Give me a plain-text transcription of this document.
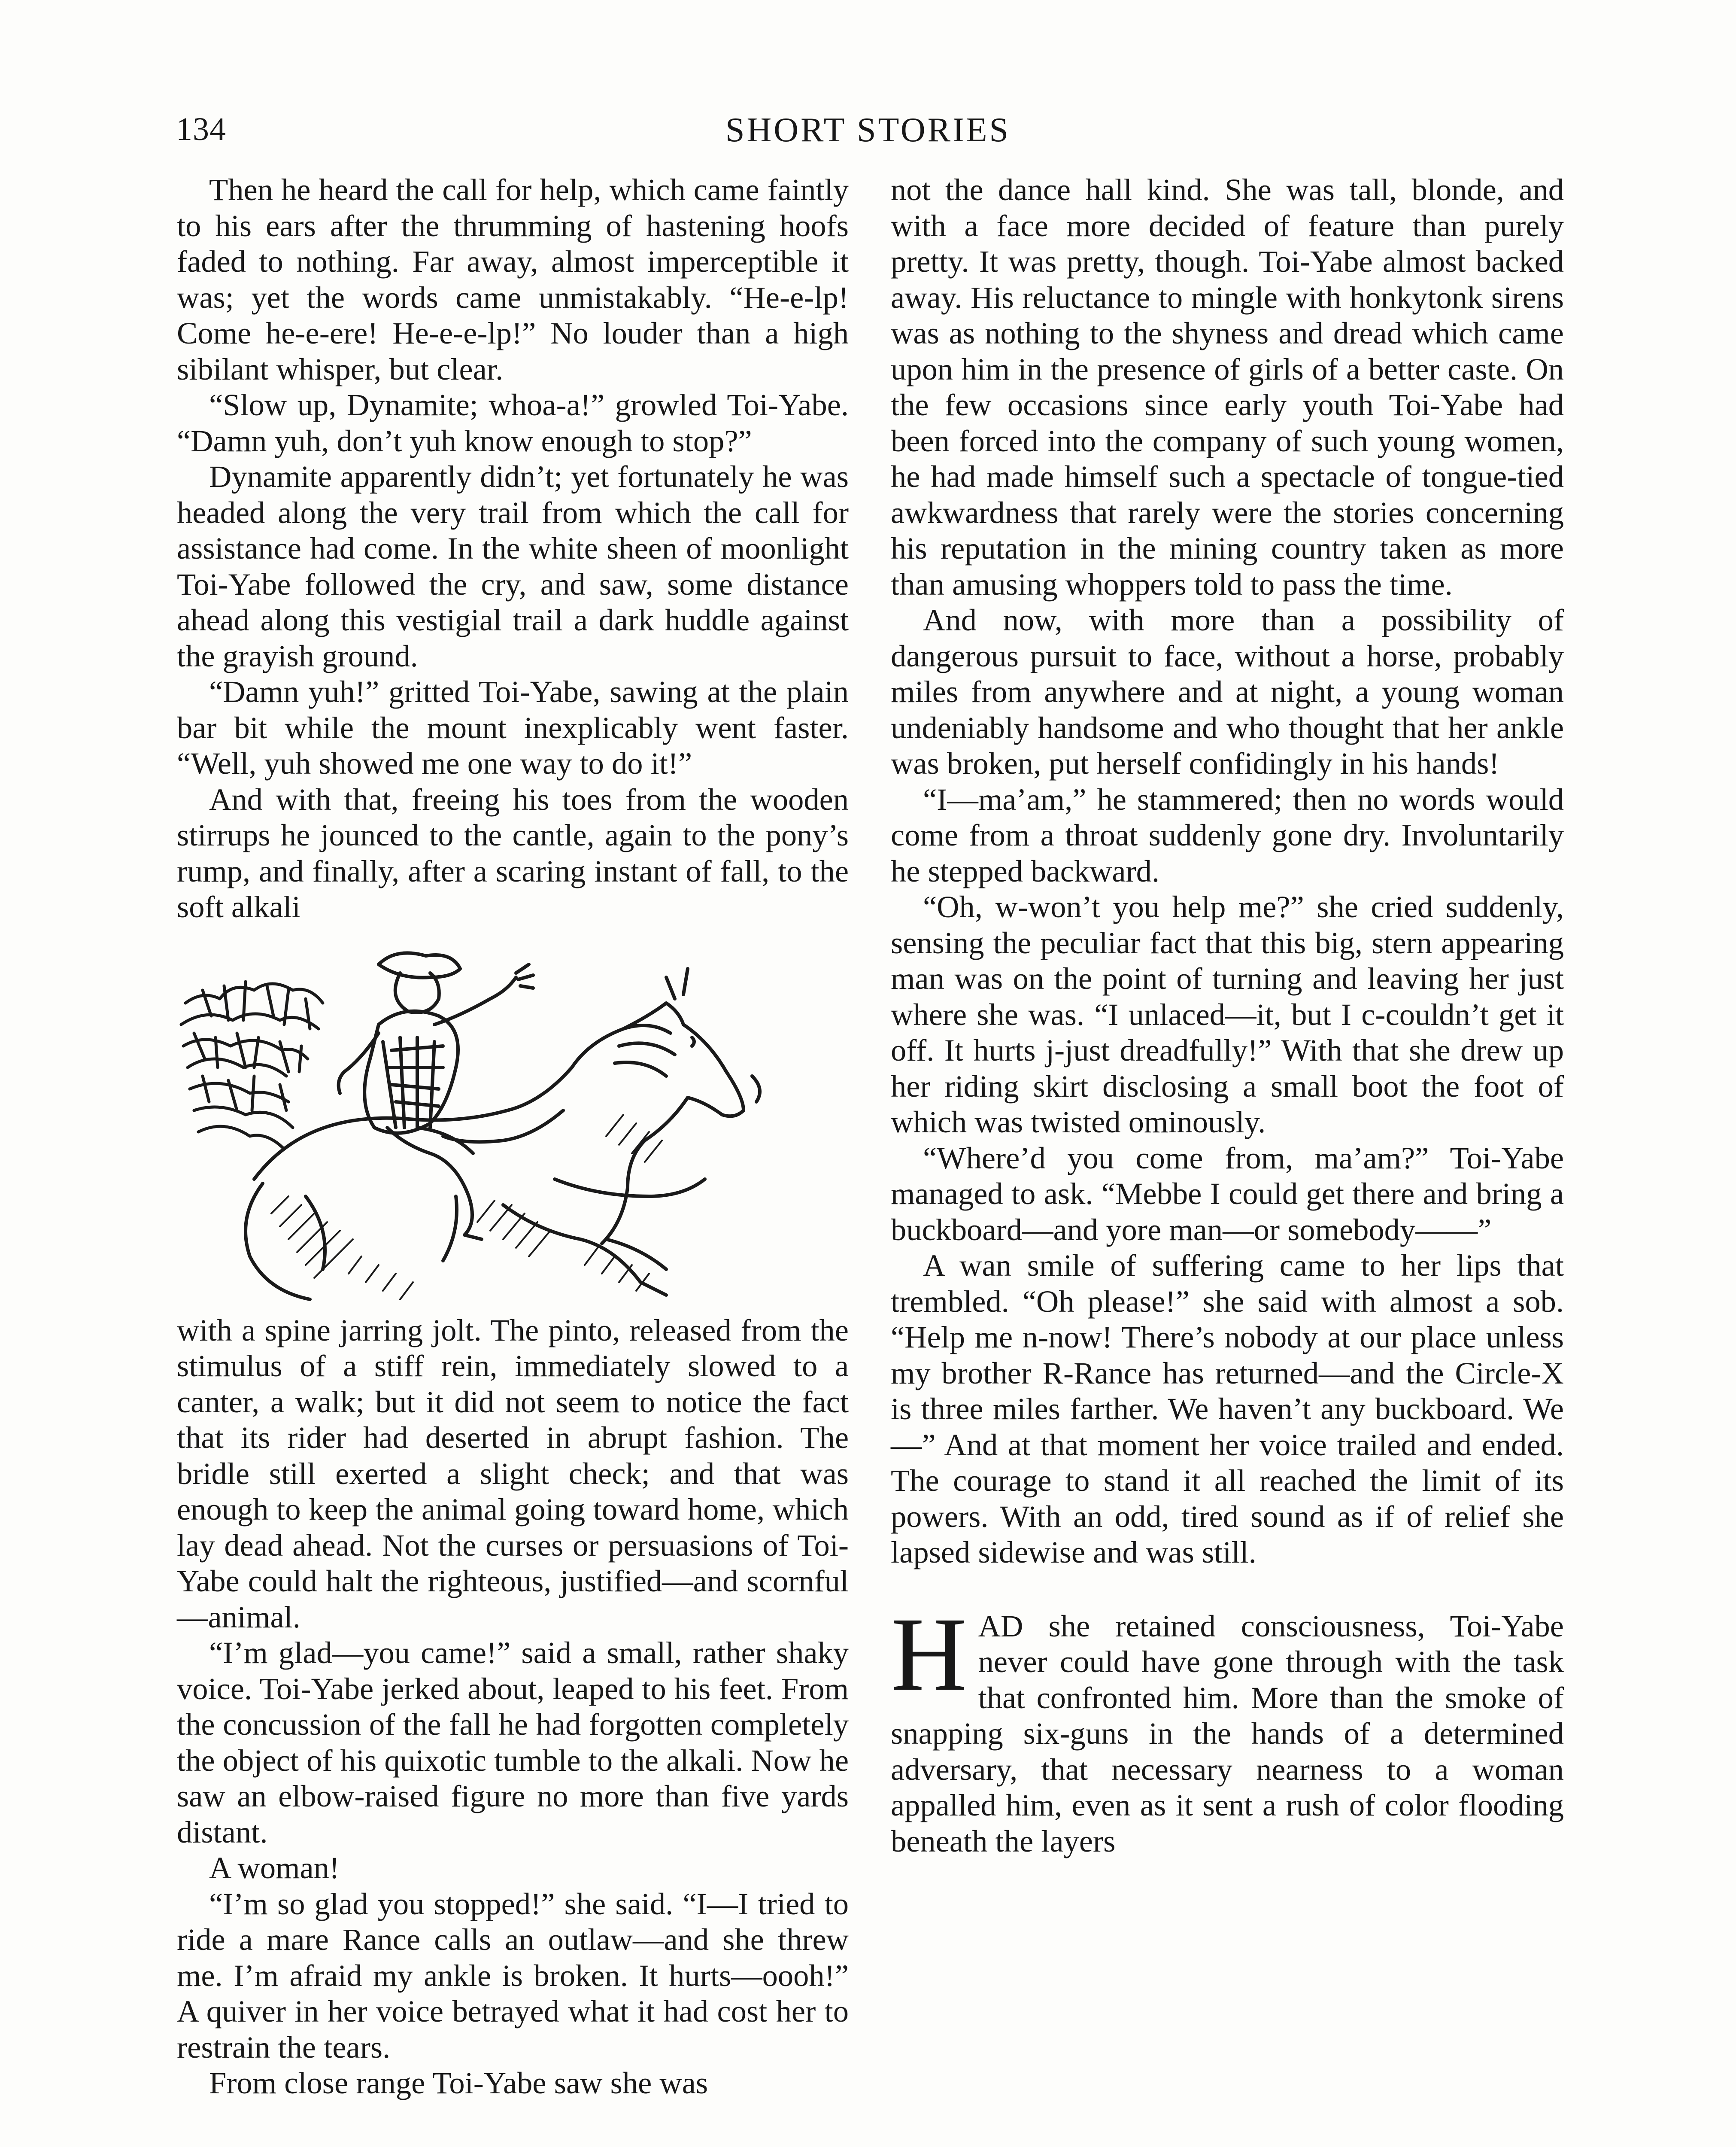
134	SHORT STORIES

Then he heard the call for help, which came faintly to his ears after the thrumming of hastening hoofs faded to nothing. Far away, almost imperceptible it was; yet the words came unmistakably. “He-e-lp! Come he-e-ere! He-e-e-lp!” No louder than a high sibilant whisper, but clear.

“Slow up, Dynamite; whoa-a!” growled Toi-Yabe. “Damn yuh, don’t yuh know enough to stop?”

Dynamite apparently didn’t; yet fortunately he was headed along the very trail from which the call for assistance had come. In the white sheen of moonlight Toi-Yabe followed the cry, and saw, some distance ahead along this vestigial trail a dark huddle against the grayish ground.

“Damn yuh!” gritted Toi-Yabe, sawing at the plain bar bit while the mount inexplicably went faster. “Well, yuh showed me one way to do it!”

And with that, freeing his toes from the wooden stirrups he jounced to the cantle, again to the pony’s rump, and finally, after a scaring instant of fall, to the soft alkali

with a spine jarring jolt. The pinto, released from the stimulus of a stiff rein, immediately slowed to a canter, a walk; but it did not seem to notice the fact that its rider had deserted in abrupt fashion. The bridle still exerted a slight check; and that was enough to keep the animal going toward home, which lay dead ahead. Not the curses or persuasions of Toi-Yabe could halt the righteous, justified—and scornful—animal.

“I’m glad—you came!” said a small, rather shaky voice. Toi-Yabe jerked about, leaped to his feet. From the concussion of the fall he had forgotten completely the object of his quixotic tumble to the alkali. Now he saw an elbow-raised figure no more than five yards distant.

A woman!

“I’m so glad you stopped!” she said. “I—I tried to ride a mare Rance calls an outlaw—and she threw me. I’m afraid my ankle is broken. It hurts—oooh!” A quiver in her voice betrayed what it had cost her to restrain the tears.

From close range Toi-Yabe saw she was

not the dance hall kind. She was tall, blonde, and with a face more decided of feature than purely pretty. It was pretty, though. Toi-Yabe almost backed away. His reluctance to mingle with honkytonk sirens was as nothing to the shyness and dread which came upon him in the presence of girls of a better caste. On the few occasions since early youth Toi-Yabe had been forced into the company of such young women, he had made himself such a spectacle of tongue-tied awkwardness that rarely were the stories concerning his reputation in the mining country taken as more than amusing whoppers told to pass the time.

And now, with more than a possibility of dangerous pursuit to face, without a horse, probably miles from anywhere and at night, a young woman undeniably handsome and who thought that her ankle was broken, put herself confidingly in his hands!

“I—ma’am,” he stammered; then no words would come from a throat suddenly gone dry. Involuntarily he stepped backward.

“Oh, w-won’t you help me?” she cried suddenly, sensing the peculiar fact that this big, stern appearing man was on the point of turning and leaving her just where she was. “I unlaced—it, but I c-couldn’t get it off. It hurts j-just dreadfully!” With that she drew up her riding skirt disclosing a small boot the foot of which was twisted ominously.

“Where’d you come from, ma’am?” Toi-Yabe managed to ask. “Mebbe I could get there and bring a buckboard—and yore man—or somebody——”

A wan smile of suffering came to her lips that trembled. “Oh please!” she said with almost a sob. “Help me n-now! There’s nobody at our place unless my brother R-Rance has returned—and the Circle-X is three miles farther. We haven’t any buckboard. We—” And at that moment her voice trailed and ended. The courage to stand it all reached the limit of its powers. With an odd, tired sound as if of relief she lapsed sidewise and was still.

HAD she retained consciousness, Toi-Yabe never could have gone through with the task that confronted him. More than the smoke of snapping six-guns in the hands of a determined adversary, that necessary nearness to a woman appalled him, even as it sent a rush of color flooding beneath the layers
